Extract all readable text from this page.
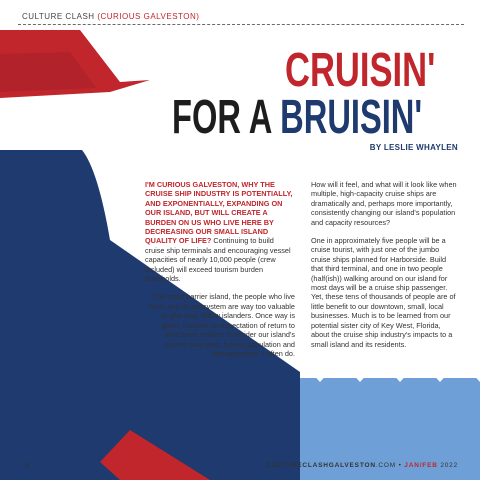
CULTURE CLASH (CURIOUS GALVESTON)

CRUISIN'
FOR A BRUISIN'

BY LESLIE WHAYLEN

I'M CURIOUS GALVESTON, WHY THE CRUISE SHIP INDUSTRY IS POTENTIALLY, AND EXPONENTIALLY, EXPANDING ON OUR ISLAND, BUT WILL CREATE A BURDEN ON US WHO LIVE HERE BY DECREASING OUR SMALL ISLAND QUALITY OF LIFE? Continuing to build cruise ship terminals and encouraging vessel capacities of nearly 10,000 people (crew included) will exceed tourism burden thresholds.

This sand barrier island, the people who live here, and its ecosystem are way too valuable to give way, fellow islanders. Once way is given, I harbor no expectation of return to what once existed. Consider our island's current (and past, future) population and demographics. I often do.

How will it feel, and what will it look like when multiple, high-capacity cruise ships are dramatically and, perhaps more importantly, consistently changing our island's population and capacity resources?

One in approximately five people will be a cruise tourist, with just one of the jumbo cruise ships planned for Harborside. Build that third terminal, and one in two people (half(ish)) walking around on our island for most days will be a cruise ship passenger. Yet, these tens of thousands of people are of little benefit to our downtown, small, local businesses. Much is to be learned from our potential sister city of Key West, Florida, about the cruise ship industry's impacts to a small island and its residents.

8	CULTURECLASHGALVESTON.COM • JAN/FEB 2022
